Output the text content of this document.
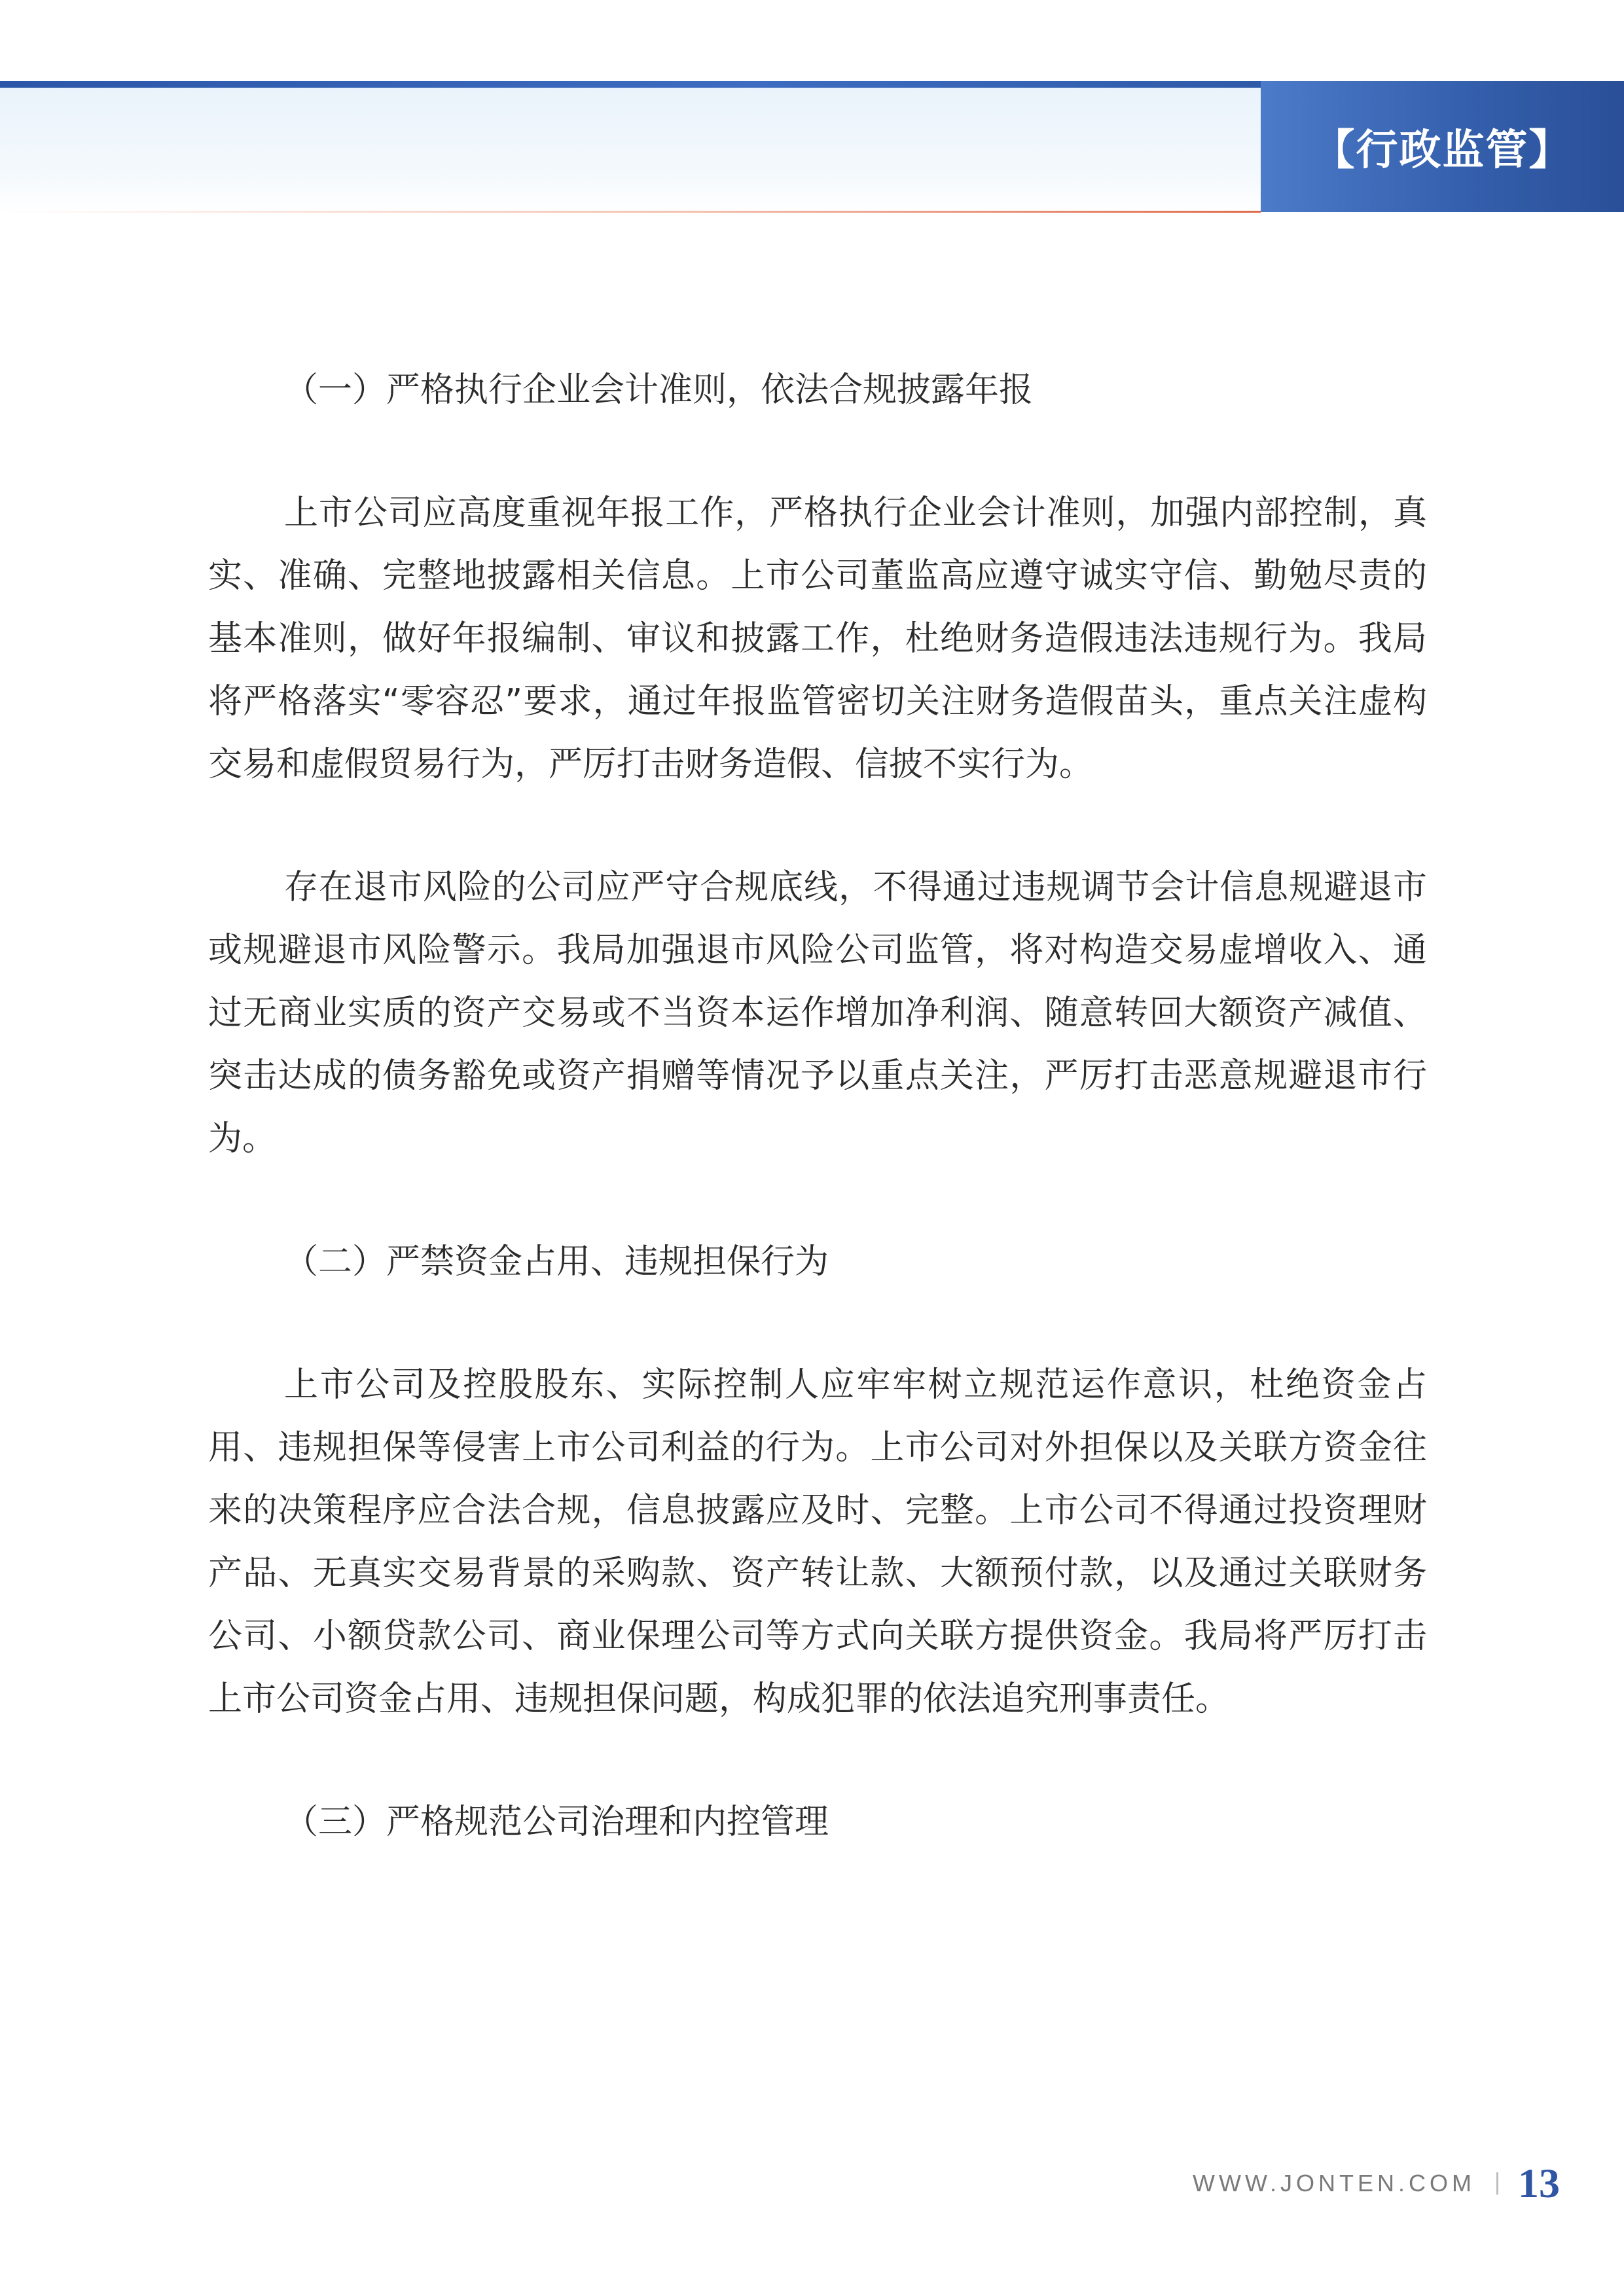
【行政监管】

（一）严格执行企业会计准则，依法合规披露年报

上市公司应高度重视年报工作，严格执行企业会计准则，加强内部控制，真实、准确、完整地披露相关信息。上市公司董监高应遵守诚实守信、勤勉尽责的基本准则，做好年报编制、审议和披露工作，杜绝财务造假违法违规行为。我局将严格落实“零容忍”要求，通过年报监管密切关注财务造假苗头，重点关注虚构交易和虚假贸易行为，严厉打击财务造假、信披不实行为。

存在退市风险的公司应严守合规底线，不得通过违规调节会计信息规避退市或规避退市风险警示。我局加强退市风险公司监管，将对构造交易虚增收入、通过无商业实质的资产交易或不当资本运作增加净利润、随意转回大额资产减值、突击达成的债务豁免或资产捐赠等情况予以重点关注，严厉打击恶意规避退市行为。

（二）严禁资金占用、违规担保行为

上市公司及控股股东、实际控制人应牢牢树立规范运作意识，杜绝资金占用、违规担保等侵害上市公司利益的行为。上市公司对外担保以及关联方资金往来的决策程序应合法合规，信息披露应及时、完整。上市公司不得通过投资理财产品、无真实交易背景的采购款、资产转让款、大额预付款，以及通过关联财务公司、小额贷款公司、商业保理公司等方式向关联方提供资金。我局将严厉打击上市公司资金占用、违规担保问题，构成犯罪的依法追究刑事责任。

（三）严格规范公司治理和内控管理

WWW.JONTEN.COM 13
